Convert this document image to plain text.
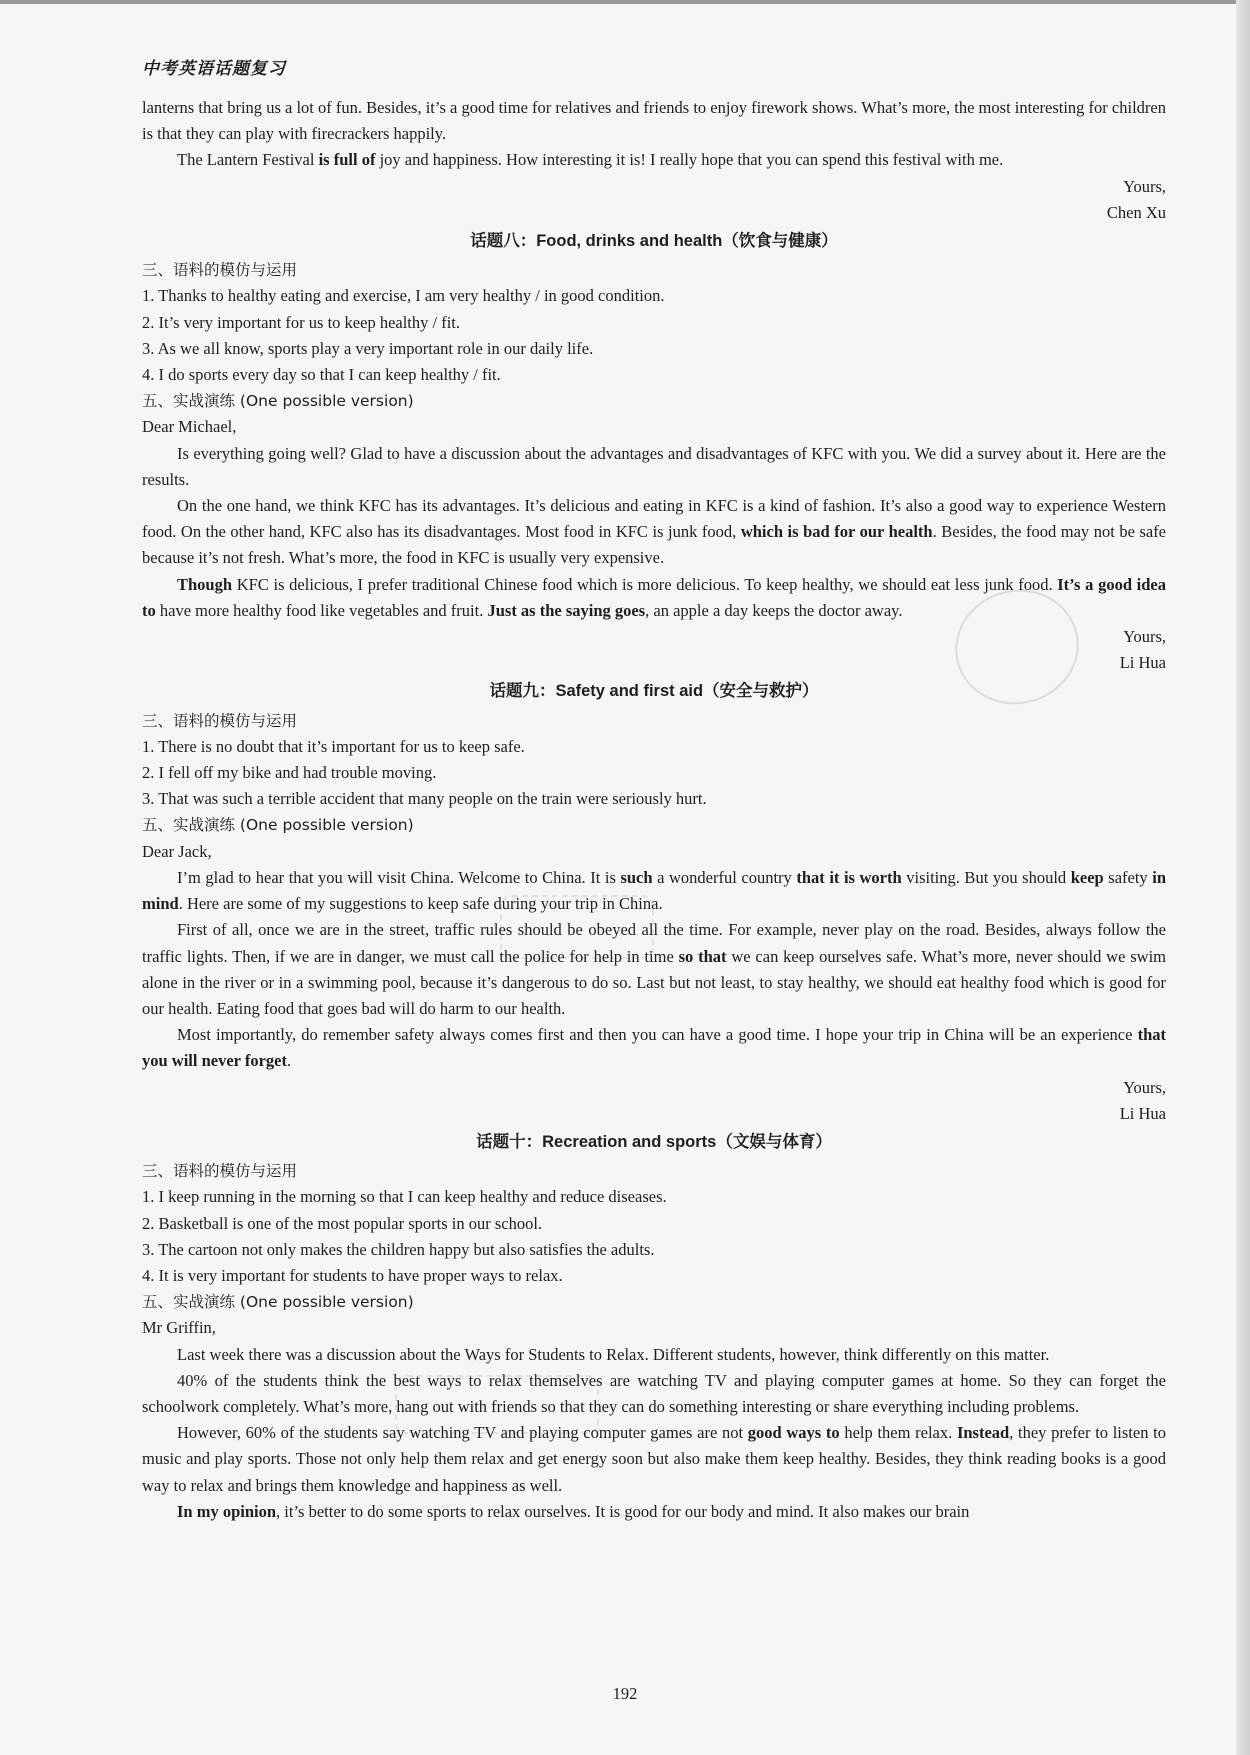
中考英语话题复习

lanterns that bring us a lot of fun. Besides, it’s a good time for relatives and friends to enjoy firework shows. What’s more, the most interesting for children is that they can play with firecrackers happily.

The Lantern Festival is full of joy and happiness. How interesting it is! I really hope that you can spend this festival with me.

Yours,

Chen Xu

话题八：Food, drinks and health（饮食与健康）

三、语料的模仿与运用

1. Thanks to healthy eating and exercise, I am very healthy / in good condition.

2. It’s very important for us to keep healthy / fit.

3. As we all know, sports play a very important role in our daily life.

4. I do sports every day so that I can keep healthy / fit.

五、实战演练 (One possible version)

Dear Michael,

Is everything going well? Glad to have a discussion about the advantages and disadvantages of KFC with you. We did a survey about it. Here are the results.

On the one hand, we think KFC has its advantages. It’s delicious and eating in KFC is a kind of fashion. It’s also a good way to experience Western food. On the other hand, KFC also has its disadvantages. Most food in KFC is junk food, which is bad for our health. Besides, the food may not be safe because it’s not fresh. What’s more, the food in KFC is usually very expensive.

Though KFC is delicious, I prefer traditional Chinese food which is more delicious. To keep healthy, we should eat less junk food. It’s a good idea to have more healthy food like vegetables and fruit. Just as the saying goes, an apple a day keeps the doctor away.

Yours,

Li Hua

话题九：Safety and first aid（安全与救护）

三、语料的模仿与运用

1. There is no doubt that it’s important for us to keep safe.

2. I fell off my bike and had trouble moving.

3. That was such a terrible accident that many people on the train were seriously hurt.

五、实战演练 (One possible version)

Dear Jack,

I’m glad to hear that you will visit China. Welcome to China. It is such a wonderful country that it is worth visiting. But you should keep safety in mind. Here are some of my suggestions to keep safe during your trip in China.

First of all, once we are in the street, traffic rules should be obeyed all the time. For example, never play on the road. Besides, always follow the traffic lights. Then, if we are in danger, we must call the police for help in time so that we can keep ourselves safe. What’s more, never should we swim alone in the river or in a swimming pool, because it’s dangerous to do so. Last but not least, to stay healthy, we should eat healthy food which is good for our health. Eating food that goes bad will do harm to our health.

Most importantly, do remember safety always comes first and then you can have a good time. I hope your trip in China will be an experience that you will never forget.

Yours,

Li Hua

话题十：Recreation and sports（文娱与体育）

三、语料的模仿与运用

1. I keep running in the morning so that I can keep healthy and reduce diseases.

2. Basketball is one of the most popular sports in our school.

3. The cartoon not only makes the children happy but also satisfies the adults.

4. It is very important for students to have proper ways to relax.

五、实战演练 (One possible version)

Mr Griffin,

Last week there was a discussion about the Ways for Students to Relax. Different students, however, think differently on this matter.

40% of the students think the best ways to relax themselves are watching TV and playing computer games at home. So they can forget the schoolwork completely. What’s more, hang out with friends so that they can do something interesting or share everything including problems.

However, 60% of the students say watching TV and playing computer games are not good ways to help them relax. Instead, they prefer to listen to music and play sports. Those not only help them relax and get energy soon but also make them keep healthy. Besides, they think reading books is a good way to relax and brings them knowledge and happiness as well.

In my opinion, it’s better to do some sports to relax ourselves. It is good for our body and mind. It also makes our brain

192
